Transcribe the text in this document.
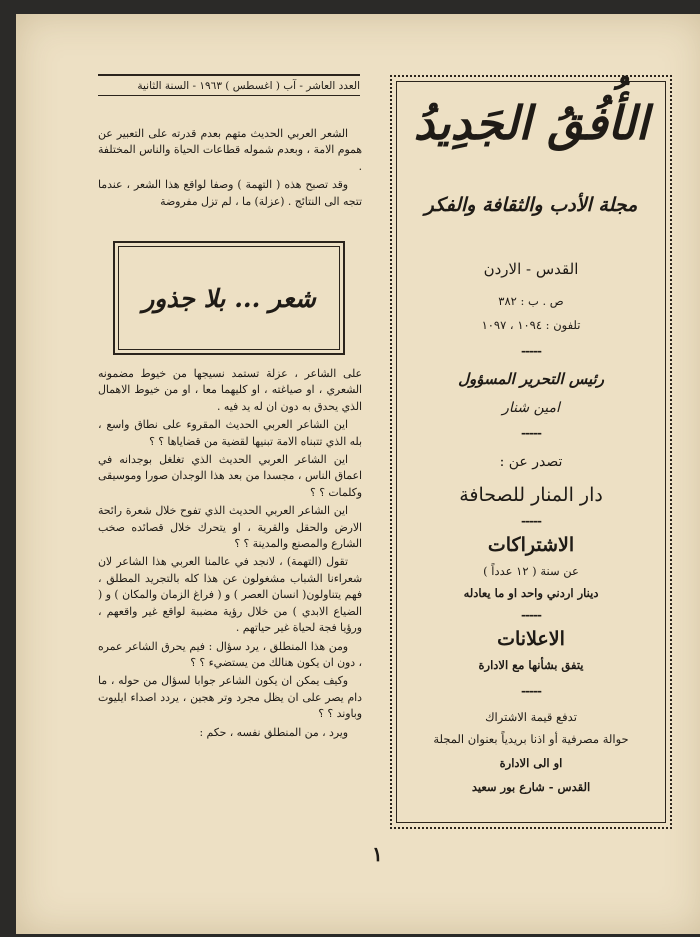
العدد العاشر - آب ( اغسطس ) ١٩٦٣ - السنة الثانية

الشعر العربي الحديث متهم بعدم قدرته على التعبير عن هموم الامة ، وبعدم شموله قطاعات الحياة والناس المختلفة .

وقد تصبح هذه ( التهمة ) وصفا لواقع هذا الشعر ، عندما تتجه الى النتائج . (عزلة) ما ، لم تزل مفروضة

شعر ... بلا جذور

على الشاعر ، عزلة تستمد نسيجها من خيوط مضمونه الشعري ، او صياغته ، او كليهما معا ، او من خيوط الاهمال الذي يحدق به دون ان له يد فيه .

اين الشاعر العربي الحديث المقروء على نطاق واسع ، بله الذي تتبناه الامة تبنيها لقضية من قضاياها ؟ ؟

اين الشاعر العربي الحديث الذي تغلغل بوجدانه في اعماق الناس ، مجسدا من بعد هذا الوجدان صورا وموسيقى وكلمات ؟ ؟

اين الشاعر العربي الحديث الذي تفوح خلال شعرة رائحة الارض والحقل والقرية ، او يتحرك خلال قصائده صخب الشارع والمصنع والمدينة ؟ ؟

تقول (التهمة) ، لانجد في عالمنا العربي هذا الشاعر لان شعراءنا الشباب مشغولون عن هذا كله بالتجريد المطلق ، فهم يتناولون( انسان العصر ) و ( فراغ الزمان والمكان ) و ( الضياع الابدي ) من خلال رؤية مضببة لواقع غير واقعهم ، ورؤيا فجة لحياة غير حياتهم .

ومن هذا المنطلق ، يرد سؤال : فيم يحرق الشاعر عمره ، دون ان يكون هنالك من يستضيء ؟ ؟

وكيف يمكن ان يكون الشاعر جوابا لسؤال من حوله ، ما دام يصر على ان يظل مجرد وتر هجين ، يردد اصداء ايليوت وباوند ؟ ؟

ويرد ، من المنطلق نفسه ، حكم :

الأُفُقُ الجَدِيدُ
مجلة الأدب والثقافة والفكر
القدس - الاردن
ص . ب : ٣٨٢
تلفون : ١٠٩٤ ، ١٠٩٧
-----
رئيس التحرير المسؤول
امين شنار
-----
تصدر عن :
دار المنار للصحافة
-----
الاشتراكات
عن سنة ( ١٢ عدداً )
دينار اردني واحد او ما يعادله
-----
الاعلانات
يتفق بشأنها مع الادارة
-----
تدفع قيمة الاشتراك
حوالة مصرفية أو اذنا بريدياً بعنوان المجلة
او الى الادارة
القدس - شارع بور سعيد
١
